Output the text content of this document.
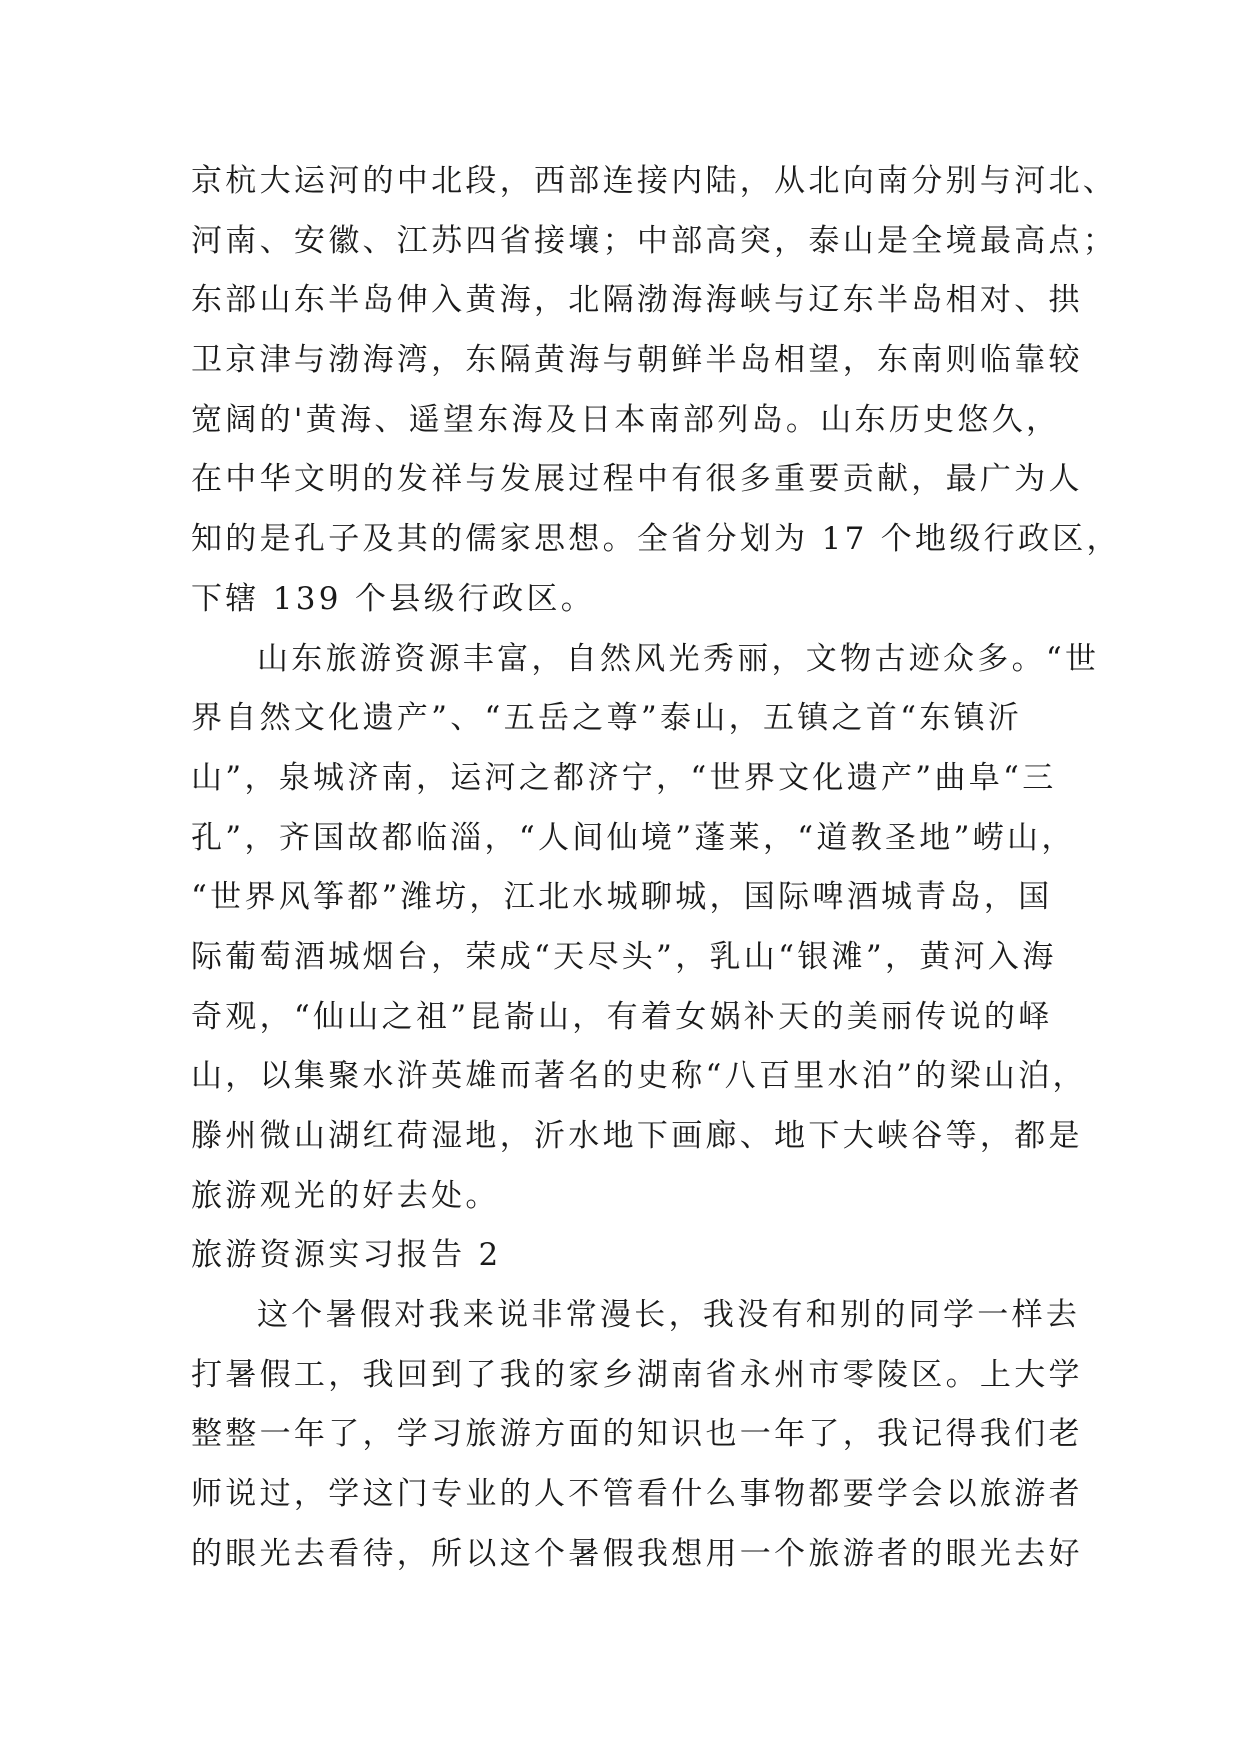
京杭大运河的中北段，西部连接内陆，从北向南分别与河北、
河南、安徽、江苏四省接壤；中部高突，泰山是全境最高点；
东部山东半岛伸入黄海，北隔渤海海峡与辽东半岛相对、拱
卫京津与渤海湾，东隔黄海与朝鲜半岛相望，东南则临靠较
宽阔的'黄海、遥望东海及日本南部列岛。山东历史悠久，
在中华文明的发祥与发展过程中有很多重要贡献，最广为人
知的是孔子及其的儒家思想。全省分划为 17 个地级行政区，
下辖 139 个县级行政区。
山东旅游资源丰富，自然风光秀丽，文物古迹众多。“世
界自然文化遗产”、“五岳之尊”泰山，五镇之首“东镇沂
山”，泉城济南，运河之都济宁，“世界文化遗产”曲阜“三
孔”，齐国故都临淄，“人间仙境”蓬莱，“道教圣地”崂山，
“世界风筝都”潍坊，江北水城聊城，国际啤酒城青岛，国
际葡萄酒城烟台，荣成“天尽头”，乳山“银滩”，黄河入海
奇观，“仙山之祖”昆嵛山，有着女娲补天的美丽传说的峄
山，以集聚水浒英雄而著名的史称“八百里水泊”的梁山泊，
滕州微山湖红荷湿地，沂水地下画廊、地下大峡谷等，都是
旅游观光的好去处。
旅游资源实习报告 2
这个暑假对我来说非常漫长，我没有和别的同学一样去
打暑假工，我回到了我的家乡湖南省永州市零陵区。上大学
整整一年了，学习旅游方面的知识也一年了，我记得我们老
师说过，学这门专业的人不管看什么事物都要学会以旅游者
的眼光去看待，所以这个暑假我想用一个旅游者的眼光去好
